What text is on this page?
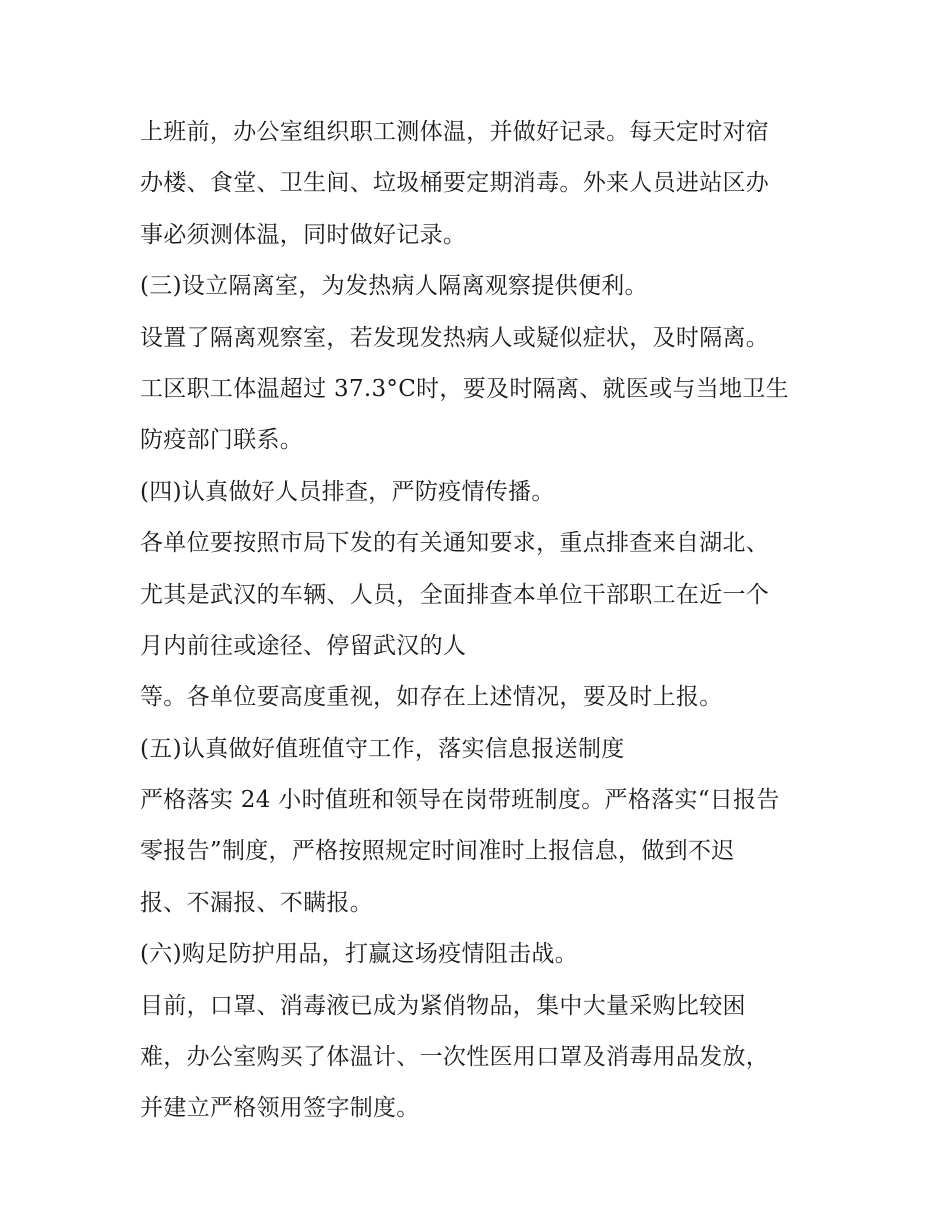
上班前，办公室组织职工测体温，并做好记录。每天定时对宿
办楼、食堂、卫生间、垃圾桶要定期消毒。外来人员进站区办
事必须测体温，同时做好记录。
(三)设立隔离室，为发热病人隔离观察提供便利。
设置了隔离观察室，若发现发热病人或疑似症状，及时隔离。
工区职工体温超过 37.3°C时，要及时隔离、就医或与当地卫生
防疫部门联系。
(四)认真做好人员排查，严防疫情传播。
各单位要按照市局下发的有关通知要求，重点排查来自湖北、
尤其是武汉的车辆、人员，全面排查本单位干部职工在近一个
月内前往或途径、停留武汉的人
等。各单位要高度重视，如存在上述情况，要及时上报。
(五)认真做好值班值守工作，落实信息报送制度
严格落实 24 小时值班和领导在岗带班制度。严格落实“日报告
零报告”制度，严格按照规定时间准时上报信息，做到不迟
报、不漏报、不瞒报。
(六)购足防护用品，打赢这场疫情阻击战。
目前，口罩、消毒液已成为紧俏物品，集中大量采购比较困
难，办公室购买了体温计、一次性医用口罩及消毒用品发放，
并建立严格领用签字制度。
